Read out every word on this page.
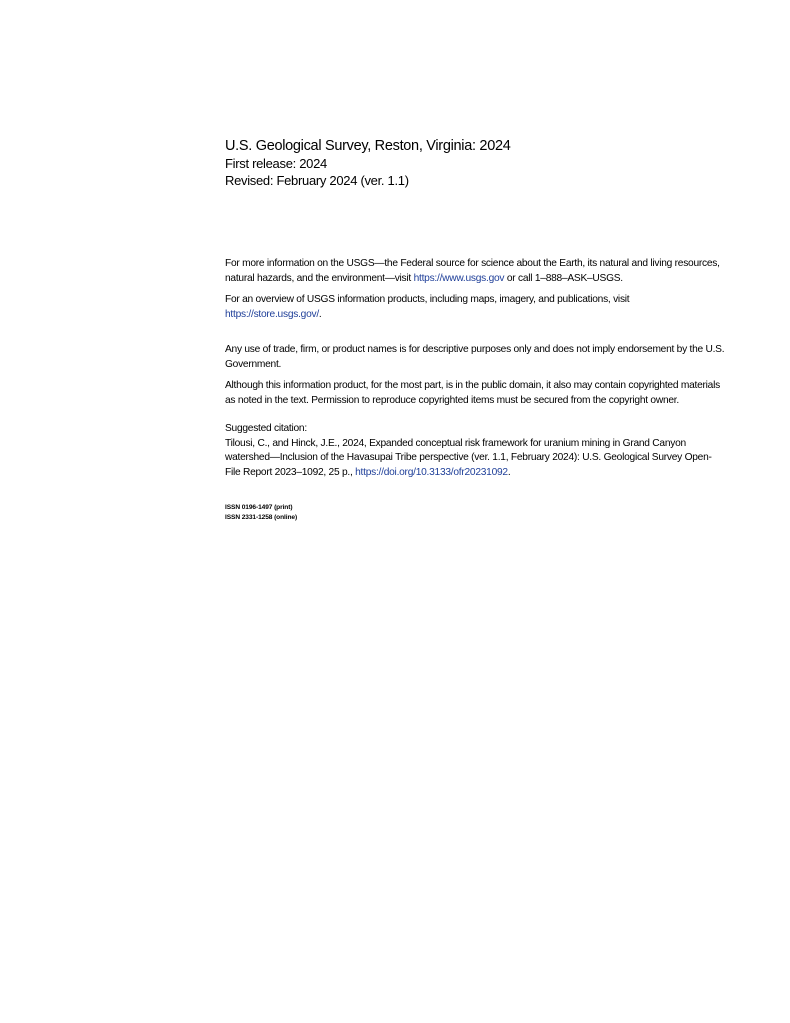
U.S. Geological Survey, Reston, Virginia: 2024
First release: 2024
Revised: February 2024 (ver. 1.1)

For more information on the USGS—the Federal source for science about the Earth, its natural and living resources, natural hazards, and the environment—visit https://www.usgs.gov or call 1–888–ASK–USGS.

For an overview of USGS information products, including maps, imagery, and publications, visit
https://store.usgs.gov/.

Any use of trade, firm, or product names is for descriptive purposes only and does not imply endorsement by the U.S. Government.

Although this information product, for the most part, is in the public domain, it also may contain copyrighted materials as noted in the text. Permission to reproduce copyrighted items must be secured from the copyright owner.

Suggested citation:

Tilousi, C., and Hinck, J.E., 2024, Expanded conceptual risk framework for uranium mining in Grand Canyon watershed—Inclusion of the Havasupai Tribe perspective (ver. 1.1, February 2024): U.S. Geological Survey Open-File Report 2023–1092, 25 p., https://doi.org/10.3133/ofr20231092.

ISSN 0196-1497 (print)
ISSN 2331-1258 (online)
